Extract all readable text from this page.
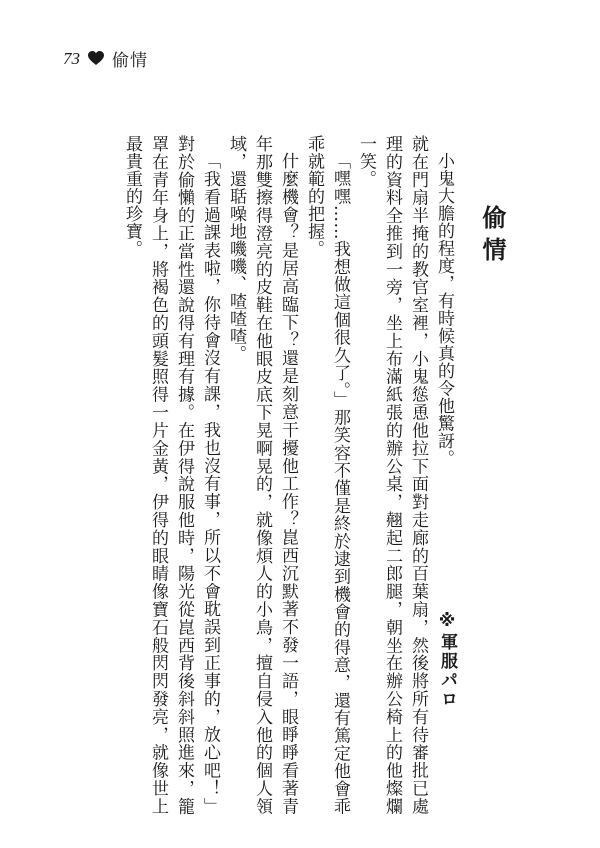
73 偷情
偷情

小鬼大膽的程度，有時候真的令他驚訝。

就在門扇半掩的教官室裡，小鬼慫恿他拉下面對走廊的百葉扇，然後將所有待審批已處理的資料全推到一旁，坐上布滿紙張的辦公桌，翹起二郎腿，朝坐在辦公椅上的他燦爛一笑。

「嘿嘿……我想做這個很久了。」那笑容不僅是終於逮到機會的得意，還有篤定他會乖乖就範的把握。

什麼機會？是居高臨下？還是刻意干擾他工作？崑西沉默著不發一語，眼睜睜看著青年那雙擦得澄亮的皮鞋在他眼皮底下晃啊晃的，就像煩人的小鳥，擅自侵入他的個人領域，還聒噪地嘰嘰、喳喳喳。

「我看過課表啦，你待會沒有課，我也沒有事，所以不會耽誤到正事的，放心吧！」對於偷懶的正當性還說得有理有據。在伊得說服他時，陽光從崑西背後斜斜照進來，籠罩在青年身上，將褐色的頭髮照得一片金黃，伊得的眼睛像寶石般閃閃發亮，就像世上最貴重的珍寶。

※軍服パロ
